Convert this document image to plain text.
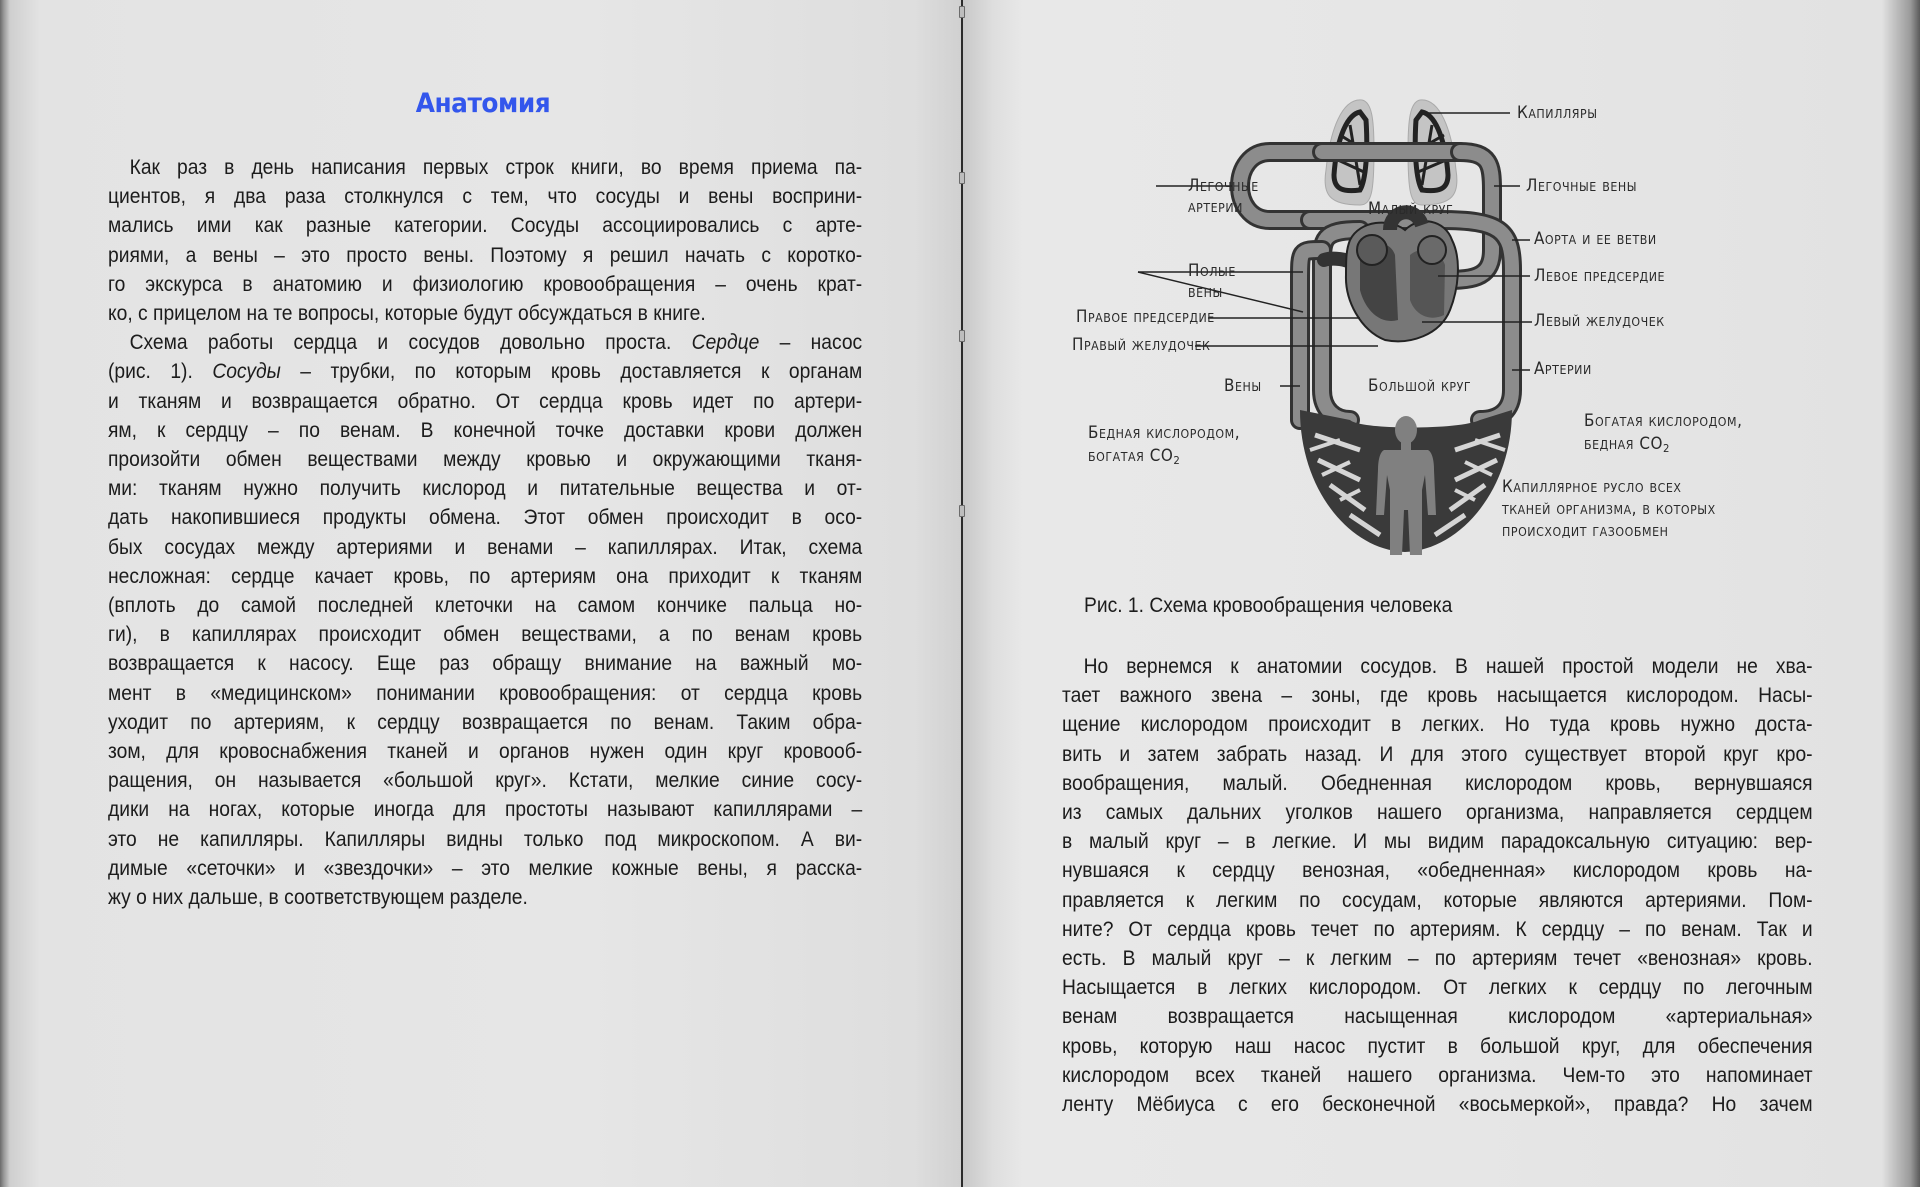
Анатомия
Как раз в день написания первых строк книги, во время приема па-
циентов, я два раза столкнулся с тем, что сосуды и вены восприни-
мались ими как разные категории. Сосуды ассоциировались с арте-
риями, а вены – это просто вены. Поэтому я решил начать с коротко-
го экскурса в анатомию и физиологию кровообращения – очень крат-
ко, с прицелом на те вопросы, которые будут обсуждаться в книге.
Схема работы сердца и сосудов довольно проста. Сердце – насос
(рис. 1). Сосуды – трубки, по которым кровь доставляется к органам
и тканям и возвращается обратно. От сердца кровь идет по артери-
ям, к сердцу – по венам. В конечной точке доставки крови должен
произойти обмен веществами между кровью и окружающими тканя-
ми: тканям нужно получить кислород и питательные вещества и от-
дать накопившиеся продукты обмена. Этот обмен происходит в осо-
бых сосудах между артериями и венами – капиллярах. Итак, схема
несложная: сердце качает кровь, по артериям она приходит к тканям
(вплоть до самой последней клеточки на самом кончике пальца но-
ги), в капиллярах происходит обмен веществами, а по венам кровь
возвращается к насосу. Еще раз обращу внимание на важный мо-
мент в «медицинском» понимании кровообращения: от сердца кровь
уходит по артериям, к сердцу возвращается по венам. Таким обра-
зом, для кровоснабжения тканей и органов нужен один круг кровооб-
ращения, он называется «большой круг». Кстати, мелкие синие сосу-
дики на ногах, которые иногда для простоты называют капиллярами –
это не капилляры. Капилляры видны только под микроскопом. А ви-
димые «сеточки» и «звездочки» – это мелкие кожные вены, я расска-
жу о них дальше, в соответствующем разделе.
Капилляры
Легочные
артерии
Легочные вены
Малый круг
Аорта и ее ветви
Полые
вены
Левое предсердие
Правое предсердие
Правый желудочек
Левый желудочек
Артерии
Вены	Большой круг
Бедная кислородом,
богатая $CO_2$
Богатая кислородом,
бедная $CO_2$
Капиллярное русло всех
тканей организма, в которых
происходит газообмен
Рис. 1. Схема кровообращения человека
Но вернемся к анатомии сосудов. В нашей простой модели не хва-
тает важного звена – зоны, где кровь насыщается кислородом. Насы-
щение кислородом происходит в легких. Но туда кровь нужно доста-
вить и затем забрать назад. И для этого существует второй круг кро-
вообращения, малый. Обедненная кислородом кровь, вернувшаяся
из самых дальних уголков нашего организма, направляется сердцем
в малый круг – в легкие. И мы видим парадоксальную ситуацию: вер-
нувшаяся к сердцу венозная, «обедненная» кислородом кровь на-
правляется к легким по сосудам, которые являются артериями. Пом-
ните? От сердца кровь течет по артериям. К сердцу – по венам. Так и
есть. В малый круг – к легким – по артериям течет «венозная» кровь.
Насыщается в легких кислородом. От легких к сердцу по легочным
венам возвращается насыщенная кислородом «артериальная»
кровь, которую наш насос пустит в большой круг, для обеспечения
кислородом всех тканей нашего организма. Чем-то это напоминает
ленту Мёбиуса с его бесконечной «восьмеркой», правда? Но зачем
